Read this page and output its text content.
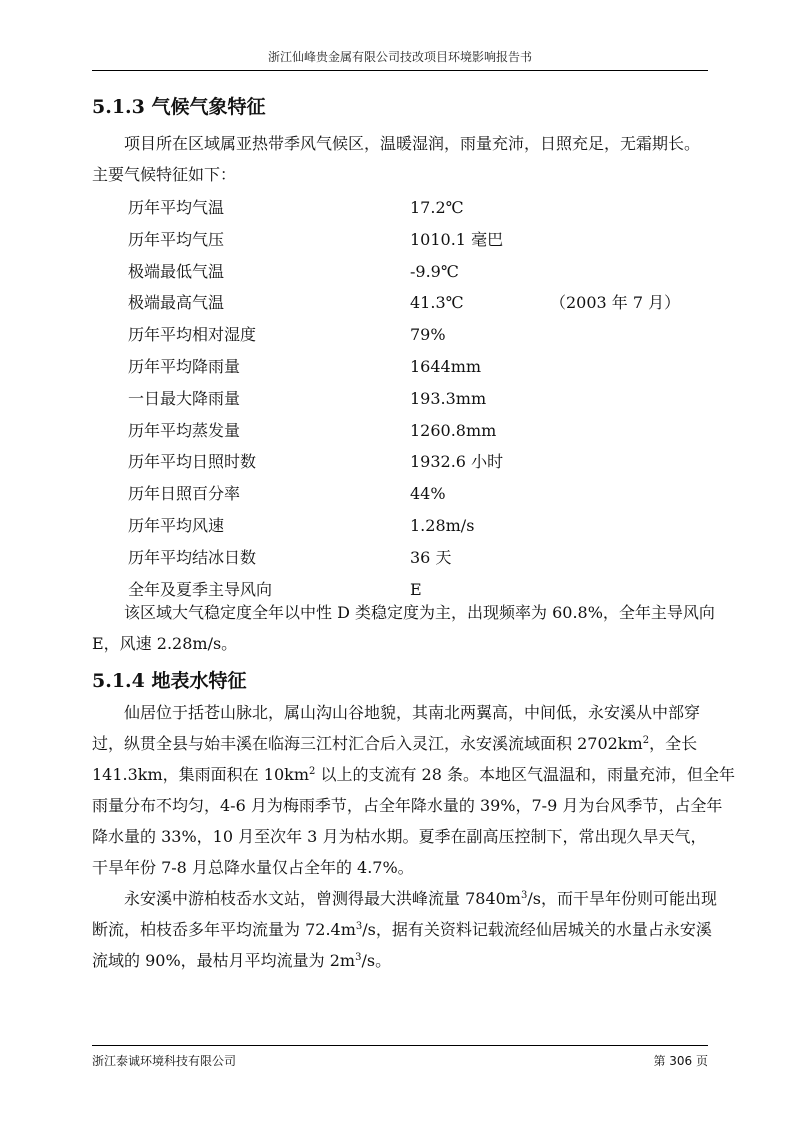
浙江仙峰贵金属有限公司技改项目环境影响报告书
5.1.3 气候气象特征
项目所在区域属亚热带季风气候区，温暖湿润，雨量充沛，日照充足，无霜期长。
主要气候特征如下：
历年平均气温	17.2℃
历年平均气压	1010.1 毫巴
极端最低气温	-9.9℃
极端最高气温	41.3℃	（2003 年 7 月）
历年平均相对湿度	79%
历年平均降雨量	1644mm
一日最大降雨量	193.3mm
历年平均蒸发量	1260.8mm
历年平均日照时数	1932.6 小时
历年日照百分率	44%
历年平均风速	1.28m/s
历年平均结冰日数	36 天
全年及夏季主导风向	E
该区域大气稳定度全年以中性 D 类稳定度为主，出现频率为 60.8%，全年主导风向
E，风速 2.28m/s。
5.1.4 地表水特征
仙居位于括苍山脉北，属山沟山谷地貌，其南北两翼高，中间低，永安溪从中部穿
过，纵贯全县与始丰溪在临海三江村汇合后入灵江，永安溪流域面积 $2702km^2$，全长
141.3km，集雨面积在 $10km^2$ 以上的支流有 28 条。本地区气温温和，雨量充沛，但全年
雨量分布不均匀，4-6 月为梅雨季节，占全年降水量的 39%，7-9 月为台风季节，占全年
降水量的 33%，10 月至次年 3 月为枯水期。夏季在副高压控制下，常出现久旱天气，
干旱年份 7-8 月总降水量仅占全年的 4.7%。
永安溪中游柏枝岙水文站，曾测得最大洪峰流量 $7840m^3/s$，而干旱年份则可能出现
断流，柏枝岙多年平均流量为 $72.4m^3/s$，据有关资料记载流经仙居城关的水量占永安溪
流域的 90%，最枯月平均流量为 $2m^3/s$。
浙江泰诚环境科技有限公司	第 306 页
